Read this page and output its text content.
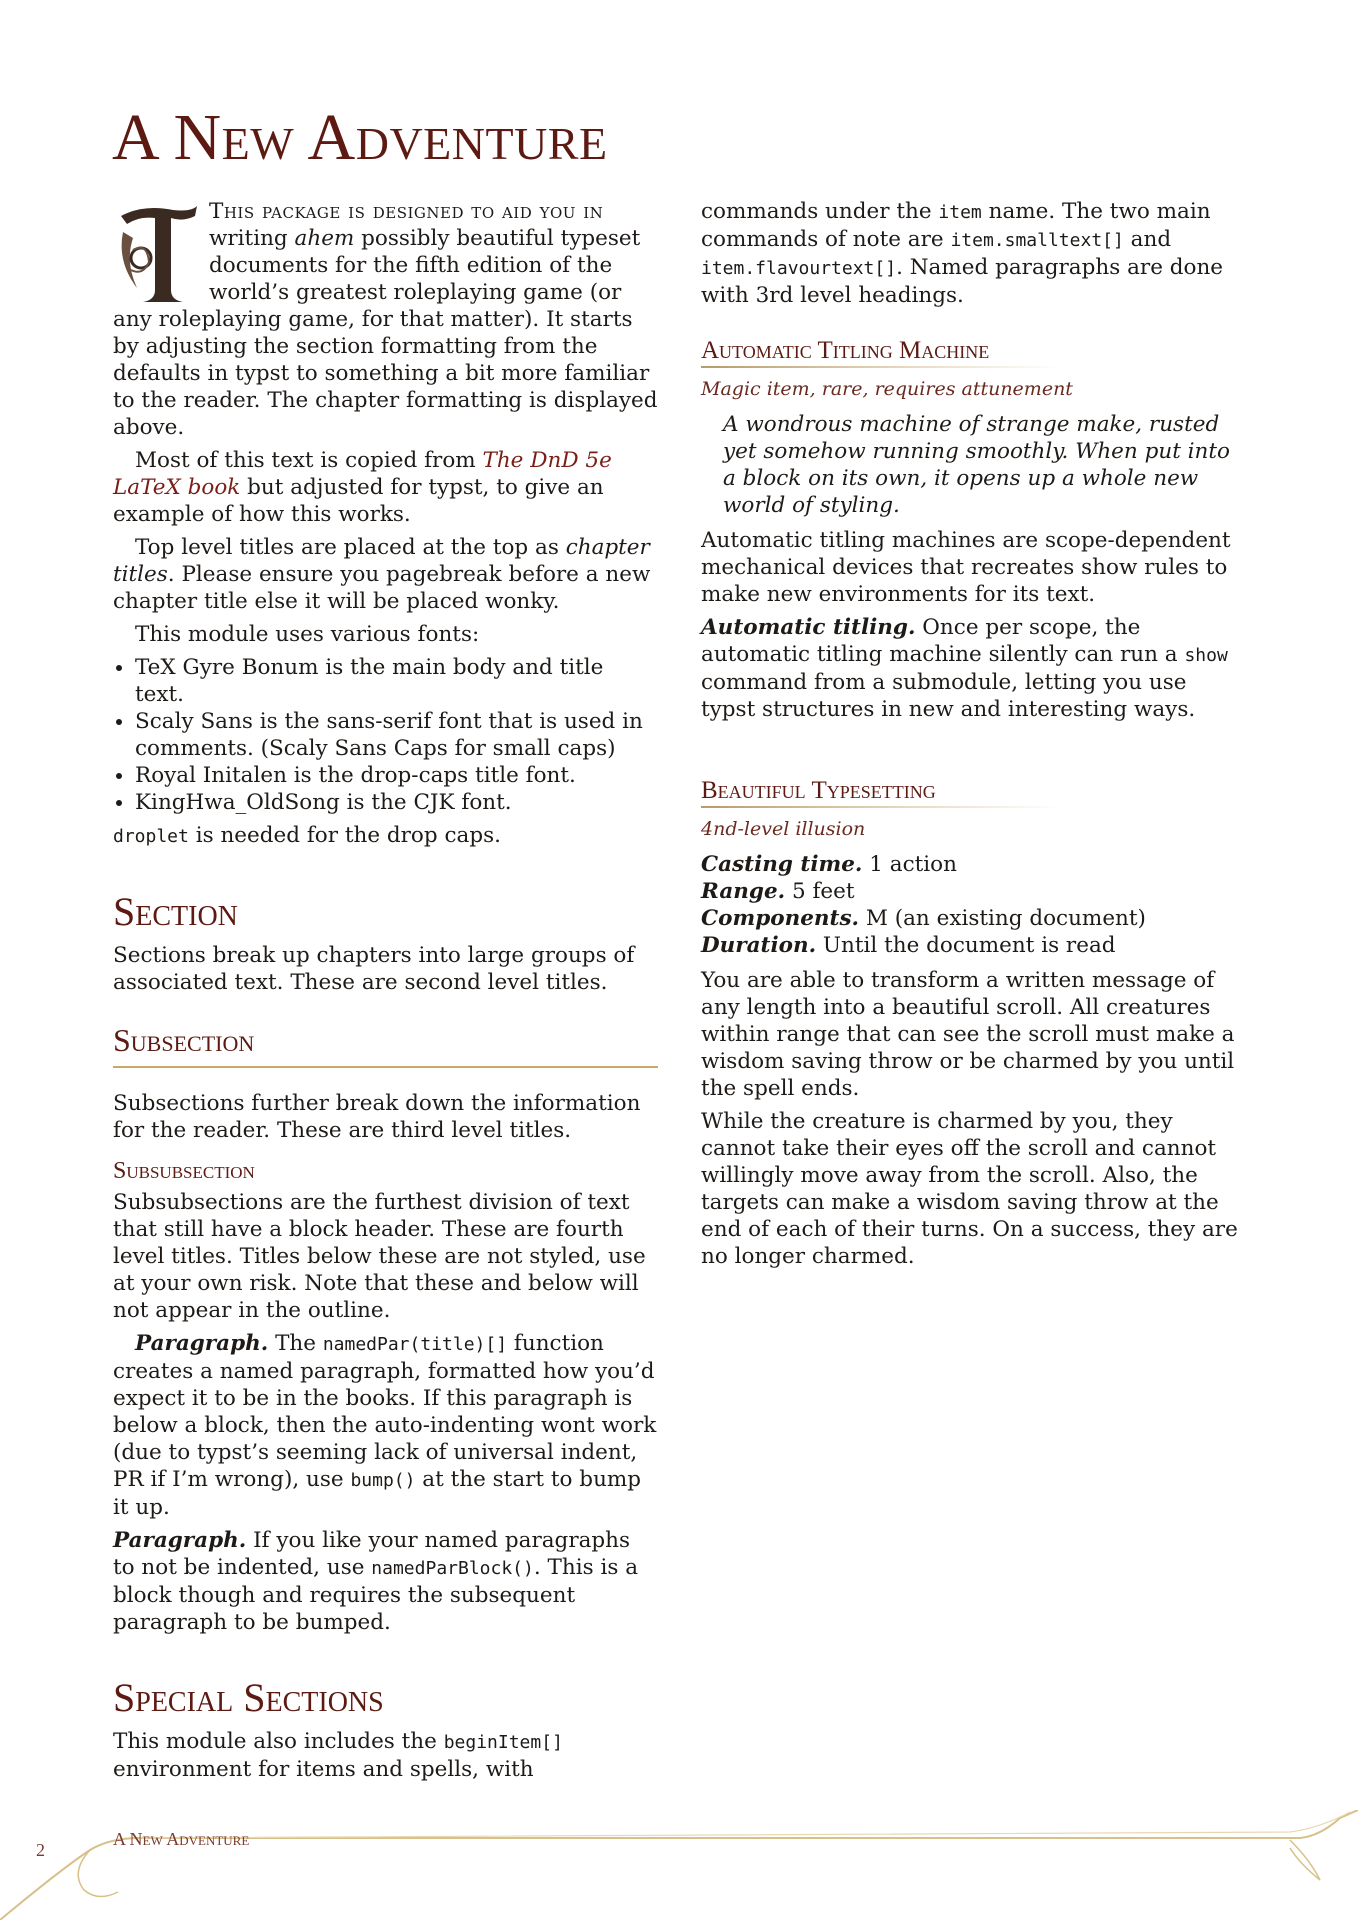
A New Adventure

This package is designed to aid you in writing ahem possibly beautiful typeset documents for the fifth edition of the world’s greatest roleplaying game (or any roleplaying game, for that matter). It starts by adjusting the section formatting from the defaults in typst to something a bit more familiar to the reader. The chapter formatting is displayed above.

Most of this text is copied from The DnD 5e LaTeX book but adjusted for typst, to give an example of how this works.

Top level titles are placed at the top as chapter titles. Please ensure you pagebreak before a new chapter title else it will be placed wonky.

This module uses various fonts:

• TeX Gyre Bonum is the main body and title text.
• Scaly Sans is the sans-serif font that is used in comments. (Scaly Sans Caps for small caps)
• Royal Initalen is the drop-caps title font.
• KingHwa_OldSong is the CJK font.

droplet is needed for the drop caps.

Section

Sections break up chapters into large groups of associated text. These are second level titles.

Subsection

Subsections further break down the information for the reader. These are third level titles.

Subsubsection

Subsubsections are the furthest division of text that still have a block header. These are fourth level titles. Titles below these are not styled, use at your own risk. Note that these and below will not appear in the outline.

Paragraph. The namedPar(title)[] function creates a named paragraph, formatted how you’d expect it to be in the books. If this paragraph is below a block, then the auto-indenting wont work (due to typst’s seeming lack of universal indent, PR if I’m wrong), use bump() at the start to bump it up.

Paragraph. If you like your named paragraphs to not be indented, use namedParBlock(). This is a block though and requires the subsequent paragraph to be bumped.

Special Sections

This module also includes the beginItem[] environment for items and spells, with

commands under the item name. The two main commands of note are item.smalltext[] and item.flavourtext[]. Named paragraphs are done with 3rd level headings.

Automatic Titling Machine

Magic item, rare, requires attunement

A wondrous machine of strange make, rusted yet somehow running smoothly. When put into a block on its own, it opens up a whole new world of styling.

Automatic titling machines are scope-dependent mechanical devices that recreates show rules to make new environments for its text.

Automatic titling. Once per scope, the automatic titling machine silently can run a show command from a submodule, letting you use typst structures in new and interesting ways.

Beautiful Typesetting

4nd-level illusion

Casting time. 1 action

Range. 5 feet

Components. M (an existing document)

Duration. Until the document is read

You are able to transform a written message of any length into a beautiful scroll. All creatures within range that can see the scroll must make a wisdom saving throw or be charmed by you until the spell ends.

While the creature is charmed by you, they cannot take their eyes off the scroll and cannot willingly move away from the scroll. Also, the targets can make a wisdom saving throw at the end of each of their turns. On a success, they are no longer charmed.

2
A New Adventure
